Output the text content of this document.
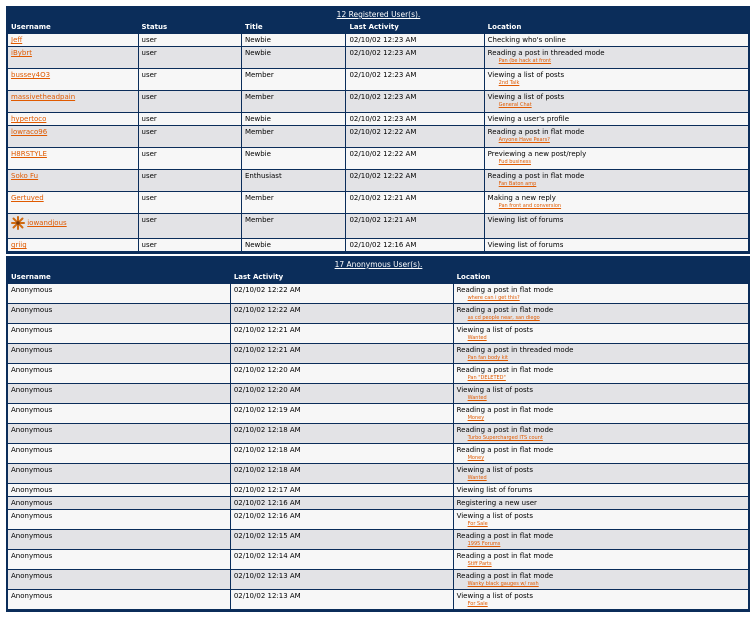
12 Registered User(s).				
Username	Status	Title	Last Activity	Location
Jeff	user	Newbie	02/10/02 12:23 AM	Checking who's online
iBybrt	user	Newbie	02/10/02 12:23 AM	Reading a post in threaded mode
Pan (be hack at front

bussey4O3	user	Member	02/10/02 12:23 AM	Viewing a list of posts
2nd Talk

massivetheadpain	user	Member	02/10/02 12:23 AM	Viewing a list of posts
General Chat

hypertoco	user	Newbie	02/10/02 12:23 AM	Viewing a user's profile
lowraco96	user	Member	02/10/02 12:22 AM	Reading a post in flat mode
Anyone Have Pears?

H8RSTYLE	user	Newbie	02/10/02 12:22 AM	Previewing a new post/reply
Fud business

Soko Fu	user	Enthusiast	02/10/02 12:22 AM	Reading a post in flat mode
Fan Baton amp

Gertuyed	user	Member	02/10/02 12:21 AM	Making a new reply
Pan front and conversion

iowandjous	user	Member	02/10/02 12:21 AM	Viewing list of forums
griig	user	Newbie	02/10/02 12:16 AM	Viewing list of forums
17 Anonymous User(s).		
Username	Last Activity	Location
Anonymous	02/10/02 12:22 AM	Reading a post in flat mode
where can i get this?

Anonymous	02/10/02 12:22 AM	Reading a post in flat mode
as cd people near, san diego

Anonymous	02/10/02 12:21 AM	Viewing a list of posts
Wanted

Anonymous	02/10/02 12:21 AM	Reading a post in threaded mode
Pan fan body kit

Anonymous	02/10/02 12:20 AM	Reading a post in flat mode
Pan "DELETED"

Anonymous	02/10/02 12:20 AM	Viewing a list of posts
Wanted

Anonymous	02/10/02 12:19 AM	Reading a post in flat mode
Money

Anonymous	02/10/02 12:18 AM	Reading a post in flat mode
Turbo Supercharged ITS count

Anonymous	02/10/02 12:18 AM	Reading a post in flat mode
Money

Anonymous	02/10/02 12:18 AM	Viewing a list of posts
Wanted

Anonymous	02/10/02 12:17 AM	Viewing list of forums
Anonymous	02/10/02 12:16 AM	Registering a new user
Anonymous	02/10/02 12:16 AM	Viewing a list of posts
For Sale

Anonymous	02/10/02 12:15 AM	Reading a post in flat mode
1995 Forums

Anonymous	02/10/02 12:14 AM	Reading a post in flat mode
Stiff Parts

Anonymous	02/10/02 12:13 AM	Reading a post in flat mode
Wanky black gauges w/ rash

Anonymous	02/10/02 12:13 AM	Viewing a list of posts
For Sale
